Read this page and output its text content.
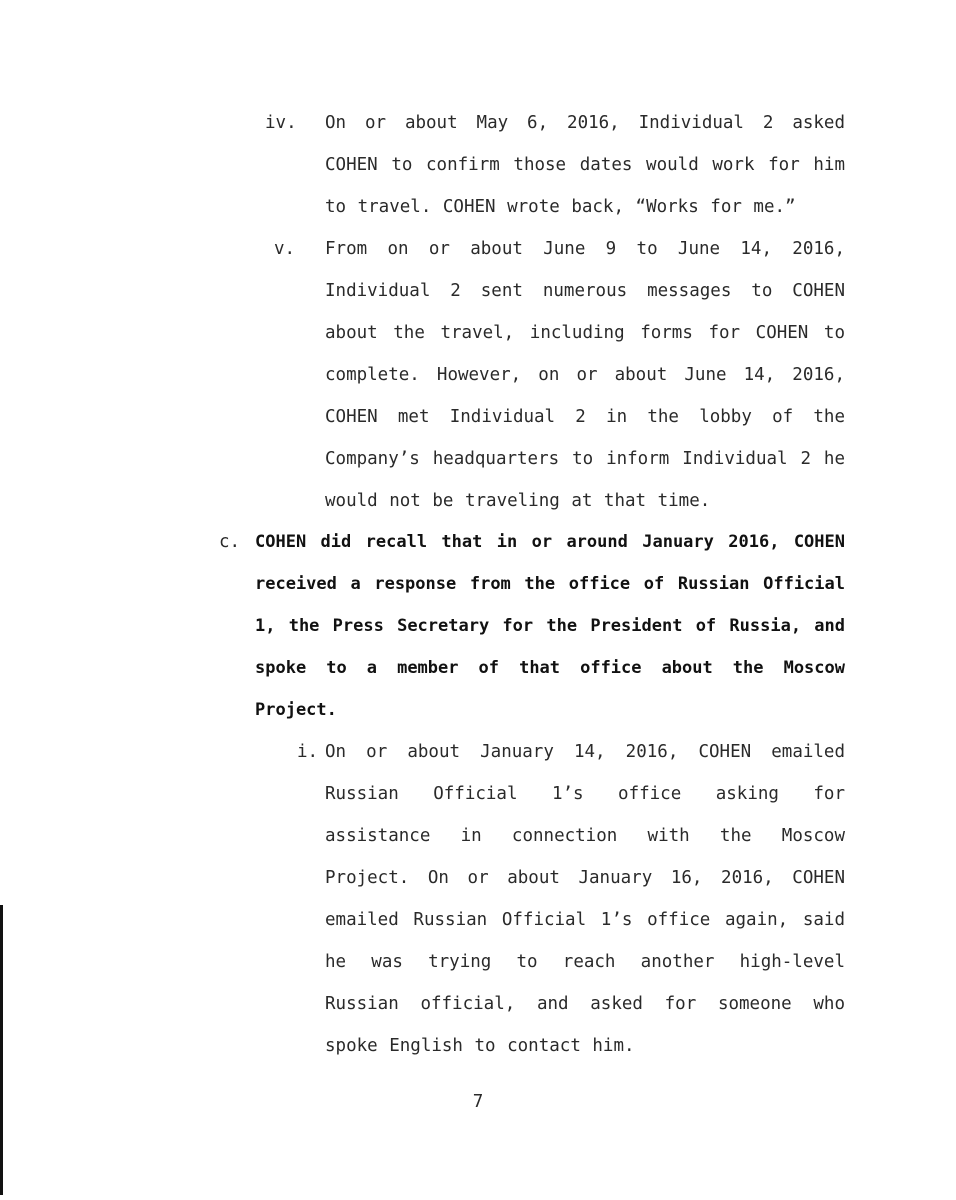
iv. On or about May 6, 2016, Individual 2 asked COHEN to confirm those dates would work for him to travel. COHEN wrote back, “Works for me.”
v. From on or about June 9 to June 14, 2016, Individual 2 sent numerous messages to COHEN about the travel, including forms for COHEN to complete. However, on or about June 14, 2016, COHEN met Individual 2 in the lobby of the Company’s headquarters to inform Individual 2 he would not be traveling at that time.
c. COHEN did recall that in or around January 2016, COHEN received a response from the office of Russian Official 1, the Press Secretary for the President of Russia, and spoke to a member of that office about the Moscow Project.
i. On or about January 14, 2016, COHEN emailed Russian Official 1’s office asking for assistance in connection with the Moscow Project. On or about January 16, 2016, COHEN emailed Russian Official 1’s office again, said he was trying to reach another high-level Russian official, and asked for someone who spoke English to contact him.
7
